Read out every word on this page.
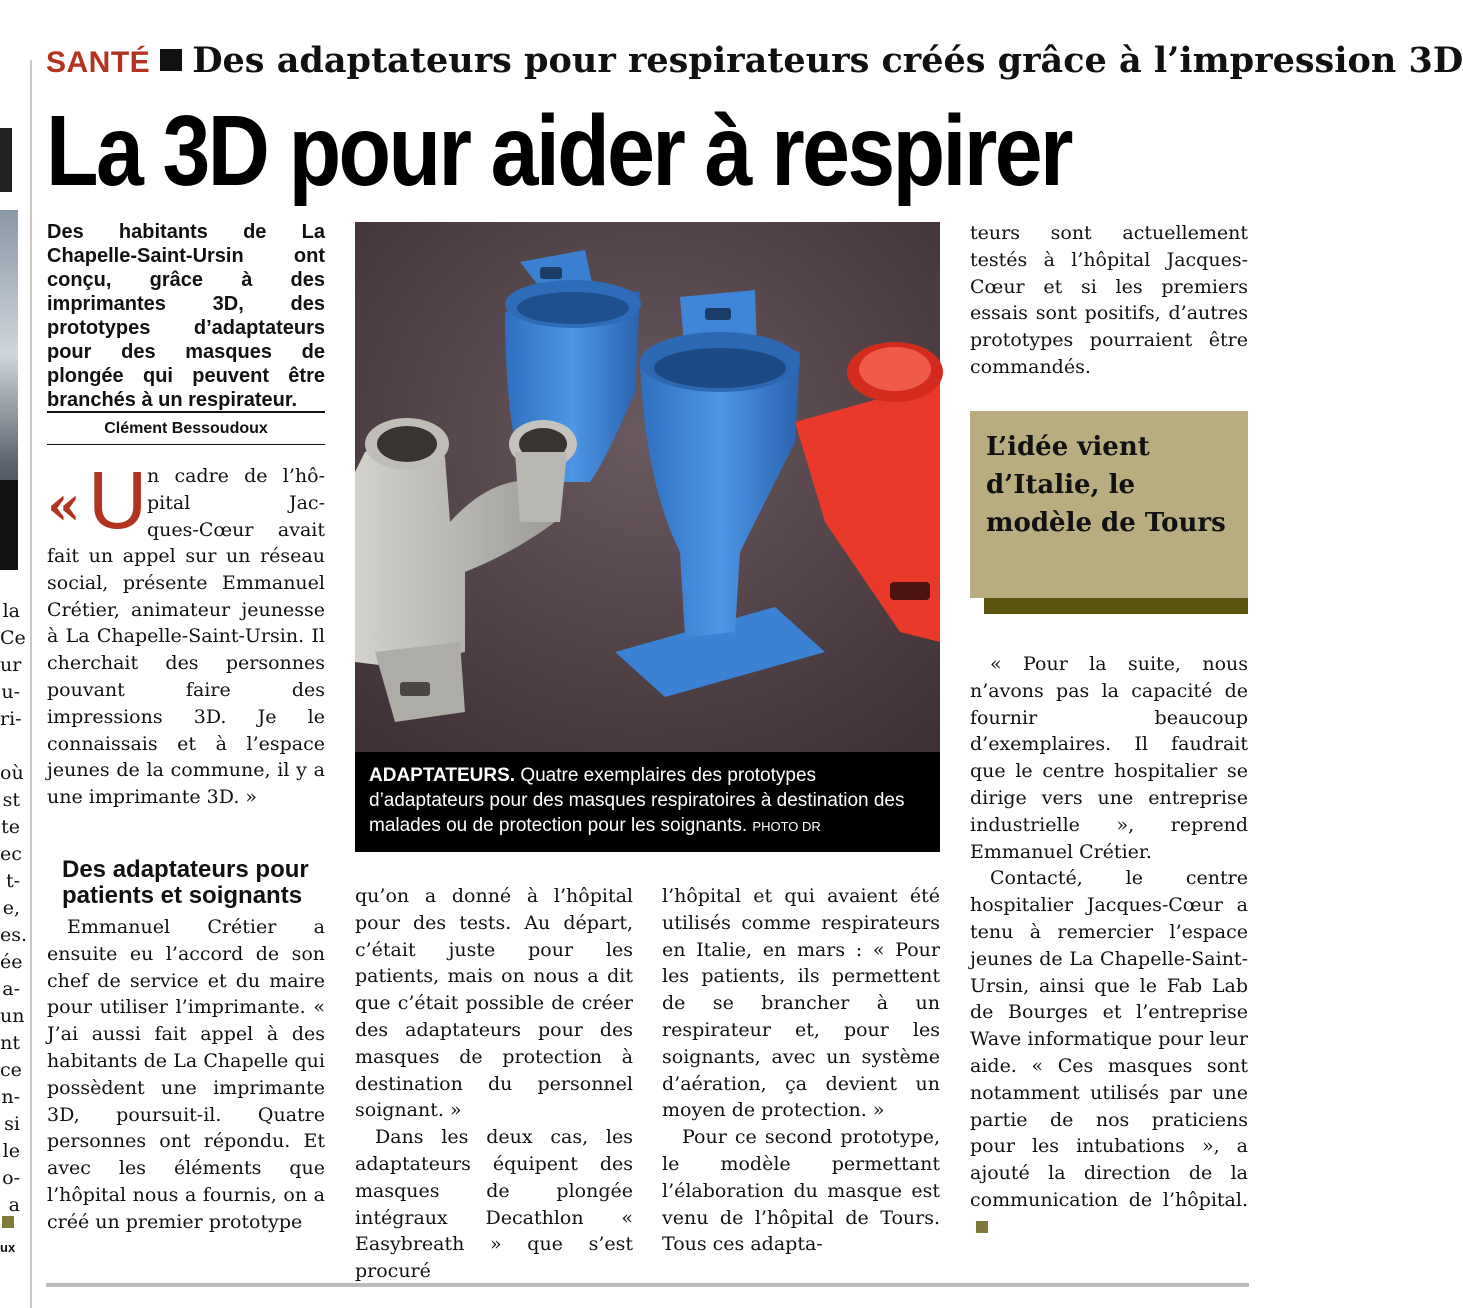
la
Ce
ur
u-
ri-

où
st
te
ec
t-
e,
es.
ée
a-
un
nt
ce
n-
si
le
o-
a
ux
SANTÉ Des adaptateurs pour respirateurs créés grâce à l’impression 3D
La 3D pour aider à respirer
Des habitants de La Chapelle-Saint-Ursin ont conçu, grâce à des imprimantes 3D, des prototypes d’adaptateurs pour des masques de plongée qui peuvent être branchés à un respirateur.
Clément Bessoudoux
« U n cadre de l’hô-
pital Jac-
ques-Cœur avait
fait un appel sur un réseau social, présente Emmanuel Crétier, animateur jeunesse à La Chapelle-Saint-Ursin. Il cherchait des personnes pouvant faire des impressions 3D. Je le connaissais et à l’espace jeunes de la commune, il y a une imprimante 3D. »
Des adaptateurs pour patients et soignants
Emmanuel Crétier a ensuite eu l’accord de son chef de service et du maire pour utiliser l’imprimante. « J’ai aussi fait appel à des habitants de La Chapelle qui possèdent une imprimante 3D, poursuit-il. Quatre personnes ont répondu. Et avec les éléments que l’hôpital nous a fournis, on a créé un premier prototype
ADAPTATEURS. Quatre exemplaires des prototypes d’adaptateurs pour des masques respiratoires à destination des malades ou de protection pour les soignants. PHOTO DR

qu’on a donné à l’hôpital pour des tests. Au départ, c’était juste pour les patients, mais on nous a dit que c’était possible de créer des adaptateurs pour des masques de protection à destination du personnel soignant. »

Dans les deux cas, les adaptateurs équipent des masques de plongée intégraux Decathlon « Easybreath » que s’est procuré

l’hôpital et qui avaient été utilisés comme respirateurs en Italie, en mars : « Pour les patients, ils permettent de se brancher à un respirateur et, pour les soignants, avec un système d’aération, ça devient un moyen de protection. »

Pour ce second prototype, le modèle permettant l’élaboration du masque est venu de l’hôpital de Tours. Tous ces adapta-

teurs sont actuellement testés à l’hôpital Jacques-Cœur et si les premiers essais sont positifs, d’autres prototypes pourraient être commandés.
L’idée vient d’Italie, le modèle de Tours

« Pour la suite, nous n’avons pas la capacité de fournir beaucoup d’exemplaires. Il faudrait que le centre hospitalier se dirige vers une entreprise industrielle », reprend Emmanuel Crétier.

Contacté, le centre hospitalier Jacques-Cœur a tenu à remercier l’espace jeunes de La Chapelle-Saint-Ursin, ainsi que le Fab Lab de Bourges et l’entreprise Wave informatique pour leur aide. « Ces masques sont notamment utilisés par une partie de nos praticiens pour les intubations », a ajouté la direction de la communication de l’hôpital.
